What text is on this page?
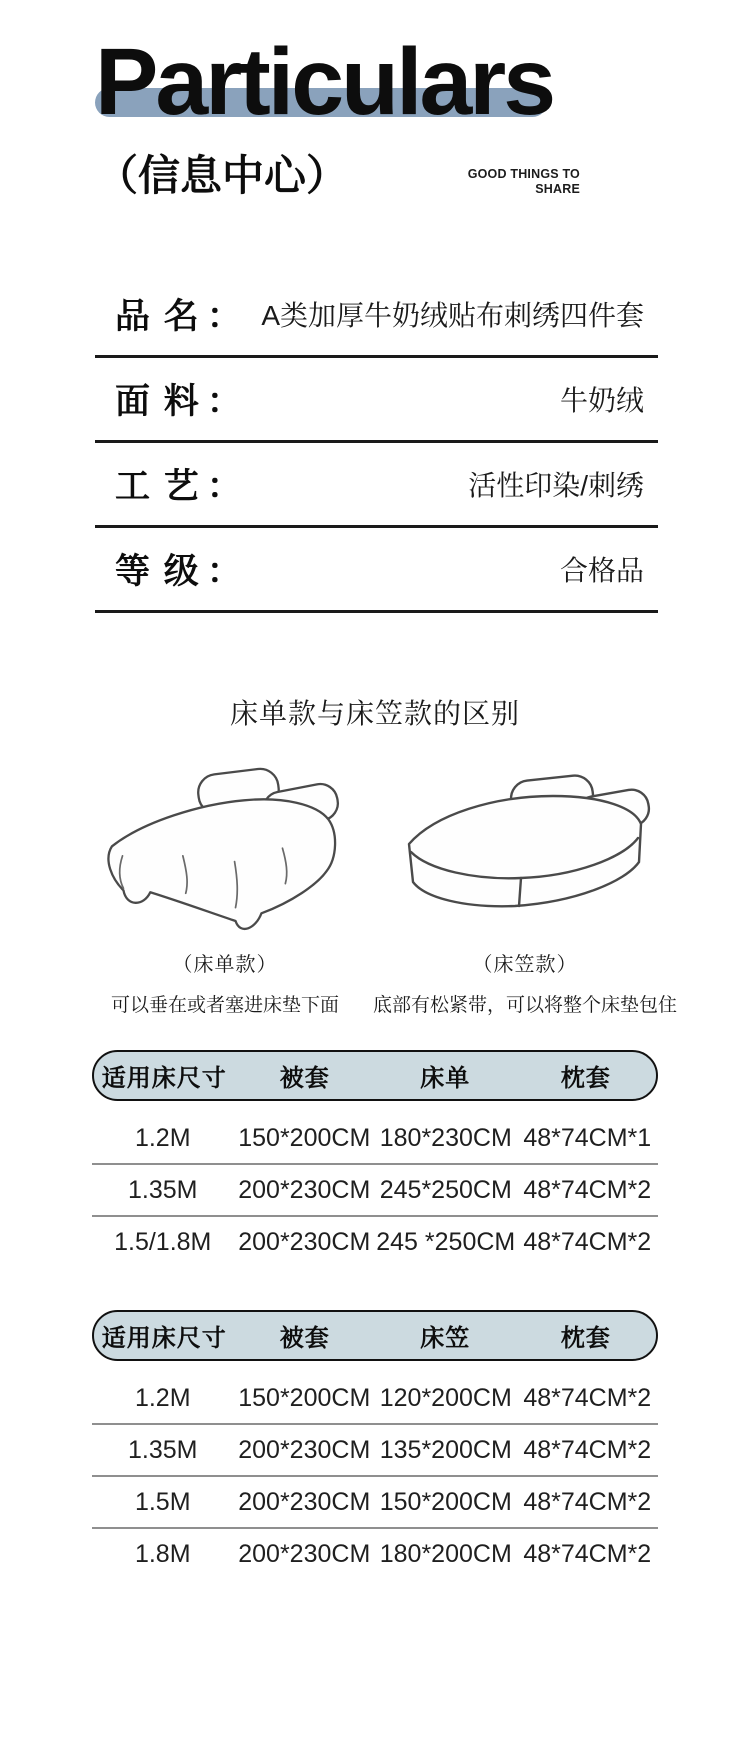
Particulars
（信息中心）	GOOD THINGS TO
SHARE
品 名 ： A类加厚牛奶绒贴布刺绣四件套
面 料 ：	牛奶绒
工 艺 ：	活性印染/刺绣
等 级 ：	合格品
床单款与床笠款的区别
（床单款）
可以垂在或者塞进床垫下面
（床笠款）
底部有松紧带，可以将整个床垫包住
适用床尺寸	被套	床单	枕套
1.2M	150*200CM 180*230CM 48*74CM*1
1.35M	200*230CM 245*250CM 48*74CM*2
1.5/1.8M	200*230CM 245 *250CM 48*74CM*2
适用床尺寸	被套	床笠	枕套
1.2M	150*200CM 120*200CM 48*74CM*2
1.35M	200*230CM 135*200CM 48*74CM*2
1.5M	200*230CM 150*200CM 48*74CM*2
1.8M	200*230CM 180*200CM 48*74CM*2
